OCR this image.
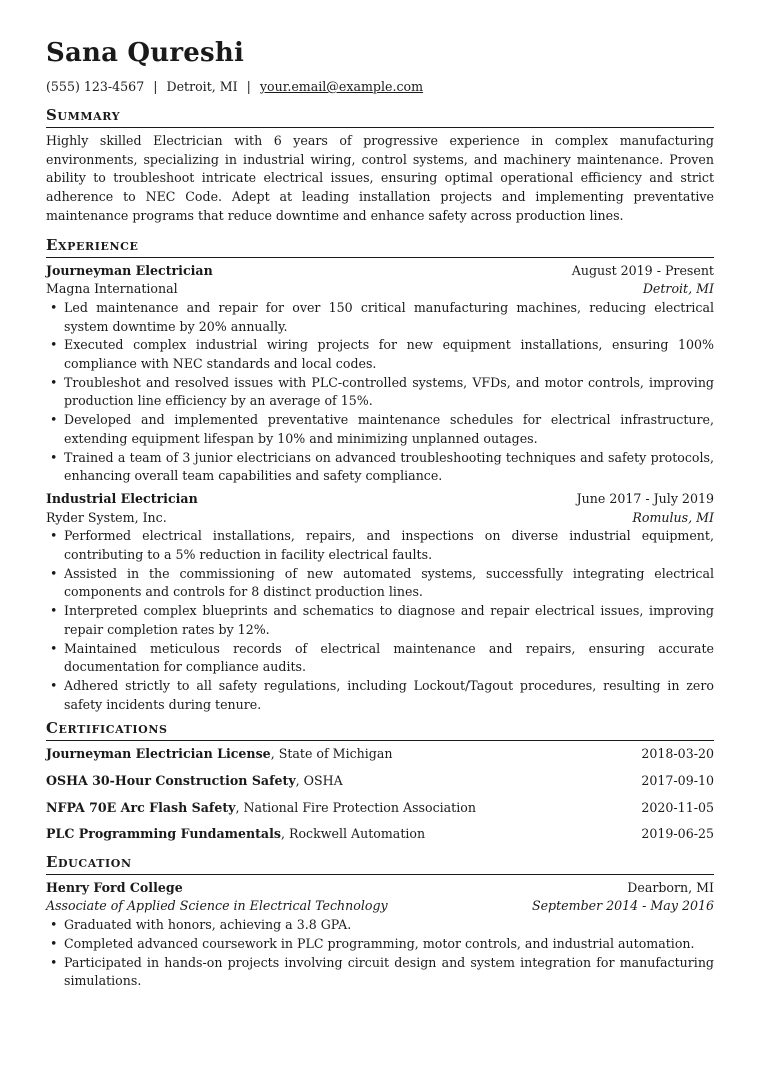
Sana Qureshi
(555) 123-4567 | Detroit, MI | your.email@example.com
Summary
Highly skilled Electrician with 6 years of progressive experience in complex manufacturing environments, specializing in industrial wiring, control systems, and machinery maintenance. Proven ability to troubleshoot intricate electrical issues, ensuring optimal operational efficiency and strict adherence to NEC Code. Adept at leading installation projects and implementing preventative maintenance programs that reduce downtime and enhance safety across production lines.
Experience
Journeyman Electrician	August 2019 - Present
Magna International	Detroit, MI
• Led maintenance and repair for over 150 critical manufacturing machines, reducing electrical system downtime by 20% annually.
• Executed complex industrial wiring projects for new equipment installations, ensuring 100% compliance with NEC standards and local codes.
• Troubleshot and resolved issues with PLC-controlled systems, VFDs, and motor controls, improving production line efficiency by an average of 15%.
• Developed and implemented preventative maintenance schedules for electrical infrastructure, extending equipment lifespan by 10% and minimizing unplanned outages.
• Trained a team of 3 junior electricians on advanced troubleshooting techniques and safety protocols, enhancing overall team capabilities and safety compliance.
Industrial Electrician	June 2017 - July 2019
Ryder System, Inc.	Romulus, MI
• Performed electrical installations, repairs, and inspections on diverse industrial equipment, contributing to a 5% reduction in facility electrical faults.
• Assisted in the commissioning of new automated systems, successfully integrating electrical components and controls for 8 distinct production lines.
• Interpreted complex blueprints and schematics to diagnose and repair electrical issues, improving repair completion rates by 12%.
• Maintained meticulous records of electrical maintenance and repairs, ensuring accurate documentation for compliance audits.
• Adhered strictly to all safety regulations, including Lockout/Tagout procedures, resulting in zero safety incidents during tenure.
Certifications
Journeyman Electrician License, State of Michigan	2018-03-20
OSHA 30-Hour Construction Safety, OSHA	2017-09-10
NFPA 70E Arc Flash Safety, National Fire Protection Association	2020-11-05
PLC Programming Fundamentals, Rockwell Automation	2019-06-25
Education
Henry Ford College	Dearborn, MI
Associate of Applied Science in Electrical Technology	September 2014 - May 2016
• Graduated with honors, achieving a 3.8 GPA.
• Completed advanced coursework in PLC programming, motor controls, and industrial automation.
• Participated in hands-on projects involving circuit design and system integration for manufacturing simulations.
